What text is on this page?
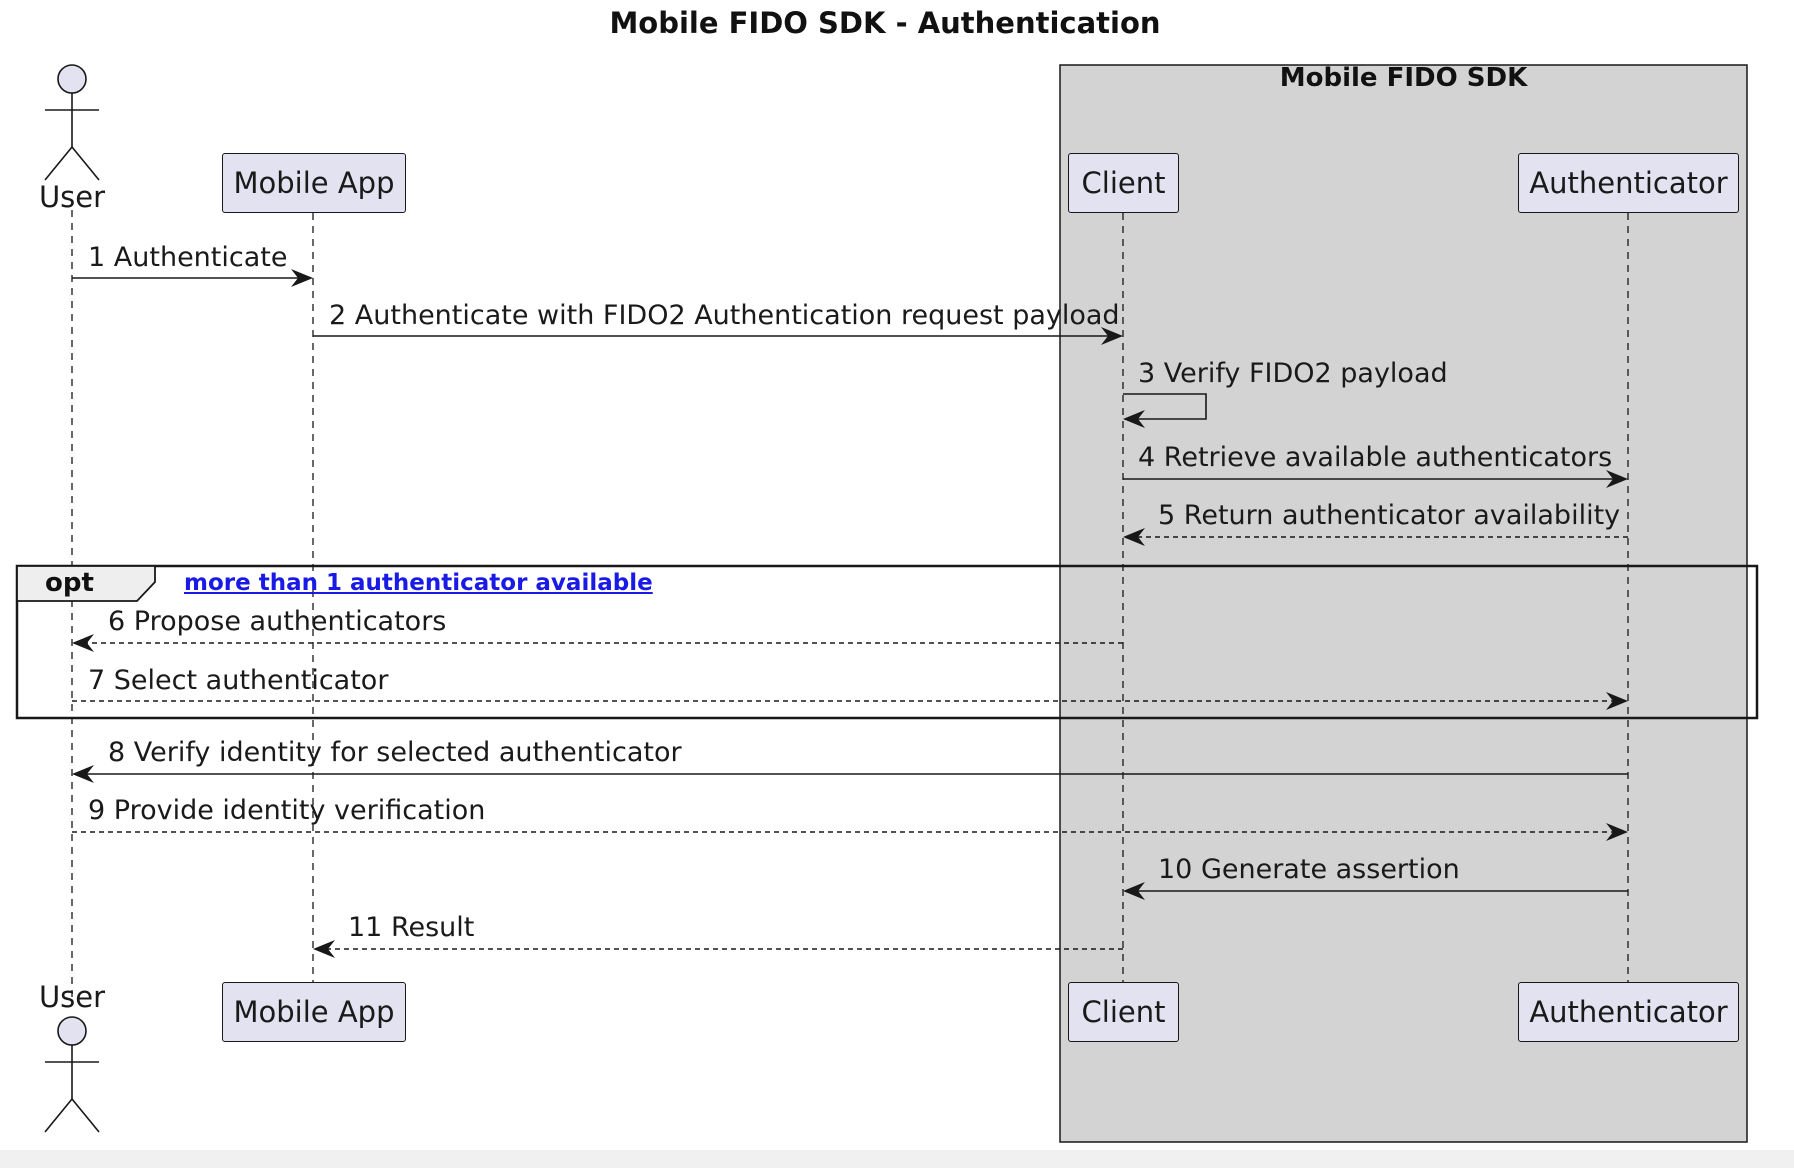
Mobile FIDO SDK - Authentication
Mobile FIDO SDK
User
User
Mobile App	Client	Authenticator
Mobile App	Client	Authenticator
opt	more than 1 authenticator available
1 Authenticate
2 Authenticate with FIDO2 Authentication request payload
3 Verify FIDO2 payload
4 Retrieve available authenticators
5 Return authenticator availability
6 Propose authenticators
7 Select authenticator
8 Verify identity for selected authenticator
9 Provide identity verification
10 Generate assertion
11 Result
